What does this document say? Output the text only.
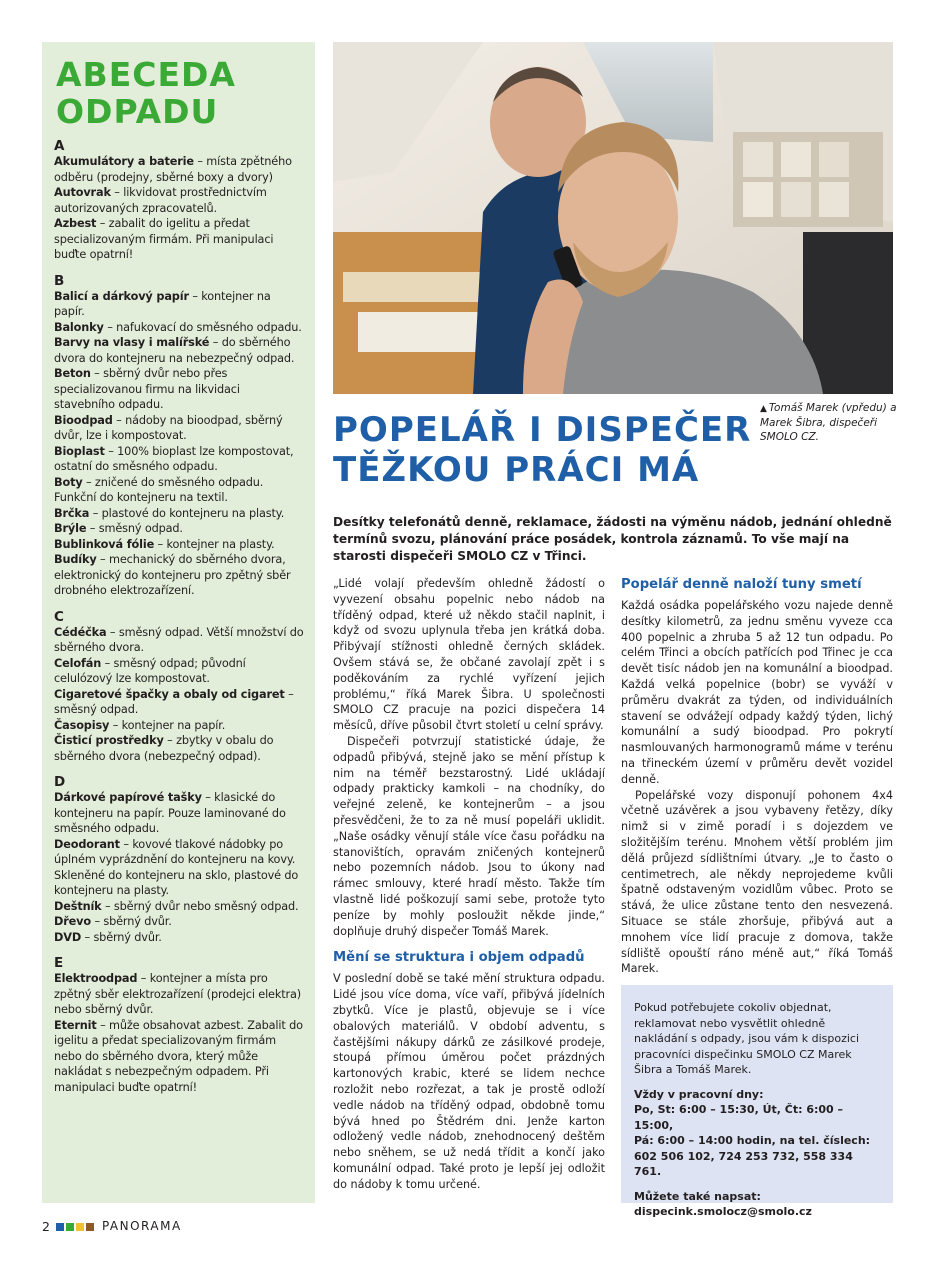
ABECEDA
ODPADU
A
Akumulátory a baterie – místa zpětného odběru (prodejny, sběrné boxy a dvory)
Autovrak – likvidovat prostřednictvím autorizovaných zpracovatelů.
Azbest – zabalit do igelitu a předat specializovaným firmám. Při manipulaci buďte opatrní!
B
Balicí a dárkový papír – kontejner na papír.
Balonky – nafukovací do směsného odpadu.
Barvy na vlasy i malířské – do sběrného dvora do kontejneru na nebezpečný odpad.
Beton – sběrný dvůr nebo přes specializovanou firmu na likvidaci stavebního odpadu.
Bioodpad – nádoby na bioodpad, sběrný dvůr, lze i kompostovat.
Bioplast – 100% bioplast lze kompostovat, ostatní do směsného odpadu.
Boty – zničené do směsného odpadu. Funkční do kontejneru na textil.
Brčka – plastové do kontejneru na plasty.
Brýle – směsný odpad.
Bublinková fólie – kontejner na plasty.
Budíky – mechanický do sběrného dvora, elektronický do kontejneru pro zpětný sběr drobného elektrozařízení.
C
Cédéčka – směsný odpad. Větší množství do sběrného dvora.
Celofán – směsný odpad; původní celulózový lze kompostovat.
Cigaretové špačky a obaly od cigaret – směsný odpad.
Časopisy – kontejner na papír.
Čisticí prostředky – zbytky v obalu do sběrného dvora (nebezpečný odpad).
D
Dárkové papírové tašky – klasické do kontejneru na papír. Pouze laminované do směsného odpadu.
Deodorant – kovové tlakové nádobky po úplném vyprázdnění do kontejneru na kovy. Skleněné do kontejneru na sklo, plastové do kontejneru na plasty.
Deštník – sběrný dvůr nebo směsný odpad.
Dřevo – sběrný dvůr.
DVD – sběrný dvůr.
E
Elektroodpad – kontejner a místa pro zpětný sběr elektrozařízení (prodejci elektra) nebo sběrný dvůr.
Eternit – může obsahovat azbest. Zabalit do igelitu a předat specializovaným firmám nebo do sběrného dvora, který může nakládat s nebezpečným odpadem. Při manipulaci buďte opatrní!
▲ Tomáš Marek (vpředu) a Marek Šibra, dispečeři SMOLO CZ.
POPELÁŘ I DISPEČER
TĚŽKOU PRÁCI MÁ
Desítky telefonátů denně, reklamace, žádosti na výměnu nádob, jednání ohledně termínů svozu, plánování práce posádek, kontrola záznamů. To vše mají na starosti dispečeři SMOLO CZ v Třinci.

„Lidé volají především ohledně žádostí o vyvezení obsahu popelnic nebo nádob na tříděný odpad, které už někdo stačil naplnit, i když od svozu uplynula třeba jen krátká doba. Přibývají stížnosti ohledně černých skládek. Ovšem stává se, že občané zavolají zpět i s poděkováním za rychlé vyřízení jejich problému,“ říká Marek Šibra. U společnosti SMOLO CZ pracuje na pozici dispečera 14 měsíců, dříve působil čtvrt století u celní správy.

Dispečeři potvrzují statistické údaje, že odpadů přibývá, stejně jako se mění přístup k nim na téměř bezstarostný. Lidé ukládají odpady prakticky kamkoli – na chodníky, do veřejné zeleně, ke kontejnerům – a jsou přesvědčeni, že to za ně musí popeláři uklidit. „Naše osádky věnují stále více času pořádku na stanovištích, opravám zničených kontejnerů nebo pozemních nádob. Jsou to úkony nad rámec smlouvy, které hradí město. Takže tím vlastně lidé poškozují sami sebe, protože tyto peníze by mohly posloužit někde jinde,“ doplňuje druhý dispečer Tomáš Marek.

Mění se struktura i objem odpadů

V poslední době se také mění struktura odpadu. Lidé jsou více doma, více vaří, přibývá jídelních zbytků. Více je plastů, objevuje se i více obalových materiálů. V období adventu, s častějšími nákupy dárků ze zásilkové prodeje, stoupá přímou úměrou počet prázdných kartonových krabic, které se lidem nechce rozložit nebo rozřezat, a tak je prostě odloží vedle nádob na tříděný odpad, obdobně tomu bývá hned po Štědrém dni. Jenže karton odložený vedle nádob, znehodnocený deštěm nebo sněhem, se už nedá třídit a končí jako komunální odpad. Také proto je lepší jej odložit do nádoby k tomu určené.

Popelář denně naloží tuny smetí

Každá osádka popelářského vozu najede denně desítky kilometrů, za jednu směnu vyveze cca 400 popelnic a zhruba 5 až 12 tun odpadu. Po celém Třinci a obcích patřících pod Třinec je cca devět tisíc nádob jen na komunální a bioodpad. Každá velká popelnice (bobr) se vyváží v průměru dvakrát za týden, od individuálních stavení se odvážejí odpady každý týden, lichý komunální a sudý bioodpad. Pro pokrytí nasmlouvaných harmonogramů máme v terénu na třineckém území v průměru devět vozidel denně.

Popelářské vozy disponují pohonem 4x4 včetně uzávěrek a jsou vybaveny řetězy, díky nimž si v zimě poradí i s dojezdem ve složitějším terénu. Mnohem větší problém jim dělá průjezd sídlištními útvary. „Je to často o centimetrech, ale někdy neprojedeme kvůli špatně odstaveným vozidlům vůbec. Proto se stává, že ulice zůstane tento den nesvezená. Situace se stále zhoršuje, přibývá aut a mnohem více lidí pracuje z domova, takže sídliště opouští ráno méně aut,“ říká Tomáš Marek.

Pokud potřebujete cokoliv objednat, reklamovat nebo vysvětlit ohledně nakládání s odpady, jsou vám k dispozici pracovníci dispečinku SMOLO CZ Marek Šibra a Tomáš Marek.

Vždy v pracovní dny:

Po, St: 6:00 – 15:30, Út, Čt: 6:00 – 15:00,

Pá: 6:00 – 14:00 hodin, na tel. číslech:

602 506 102, 724 253 732, 558 334 761.

Můžete také napsat:

dispecink.smolocz@smolo.cz

2	PANORAMA
